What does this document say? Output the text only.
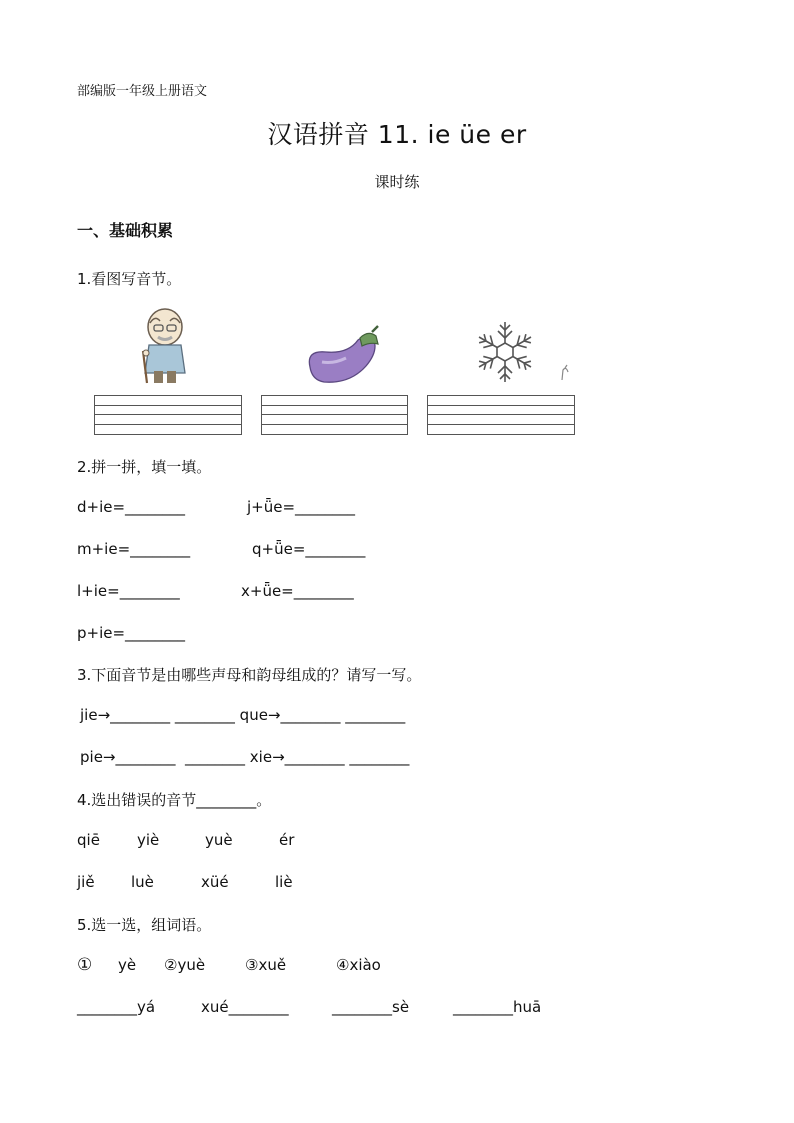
部编版一年级上册语文
汉语拼音 11. ie üe er
课时练
一、基础积累
1.看图写音节。
2.拼一拼，填一填。
d+ie=________	j+ǖe=________
m+ie=________	q+ǖe=________
l+ie=________	x+ǖe=________
p+ie=________
3.下面音节是由哪些声母和韵母组成的？请写一写。
jie→________ ________ que→________ ________
pie→________  ________ xie→________ ________
4.选出错误的音节________。
qiē yiè	yuè	ér
jiě luè	xüé	liè
5.选一选，组词语。
① yè ②yuè	③xuě	④xiào
________yá	xué________	________sè	________huā
